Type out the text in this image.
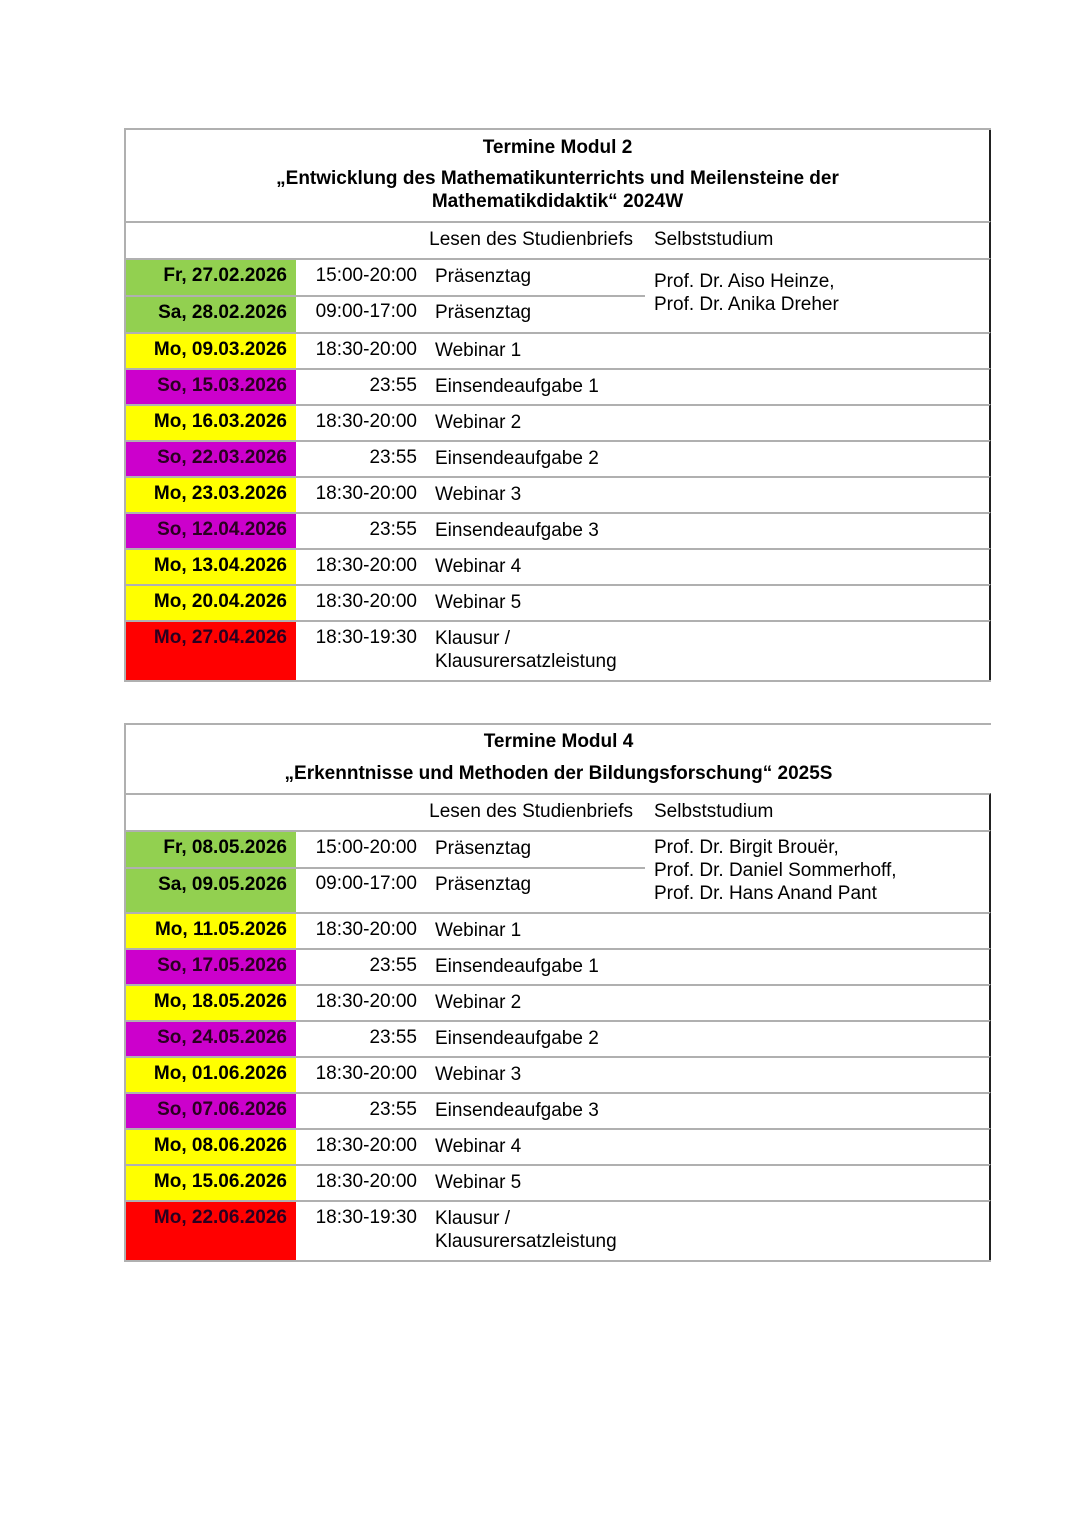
Termine Modul 2
„Entwicklung des Mathematikunterrichts und Meilensteine der
Mathematikdidaktik“ 2024W
Lesen des Studienbriefs Selbststudium
Fr, 27.02.2026	15:00-20:00 Präsenztag
Sa, 28.02.2026	09:00-17:00 Präsenztag
Prof. Dr. Aiso Heinze,
Prof. Dr. Anika Dreher
Mo, 09.03.2026	18:30-20:00 Webinar 1
So, 15.03.2026	23:55 Einsendeaufgabe 1
Mo, 16.03.2026	18:30-20:00 Webinar 2
So, 22.03.2026	23:55 Einsendeaufgabe 2
Mo, 23.03.2026	18:30-20:00 Webinar 3
So, 12.04.2026	23:55 Einsendeaufgabe 3
Mo, 13.04.2026	18:30-20:00 Webinar 4
Mo, 20.04.2026	18:30-20:00 Webinar 5
Mo, 27.04.2026	18:30-19:30 Klausur /
Klausurersatzleistung
Termine Modul 4
„Erkenntnisse und Methoden der Bildungsforschung“ 2025S
Lesen des Studienbriefs Selbststudium
Fr, 08.05.2026	15:00-20:00 Präsenztag
Sa, 09.05.2026	09:00-17:00 Präsenztag
Prof. Dr. Birgit Brouër,
Prof. Dr. Daniel Sommerhoff,
Prof. Dr. Hans Anand Pant
Mo, 11.05.2026	18:30-20:00 Webinar 1
So, 17.05.2026	23:55 Einsendeaufgabe 1
Mo, 18.05.2026	18:30-20:00 Webinar 2
So, 24.05.2026	23:55 Einsendeaufgabe 2
Mo, 01.06.2026	18:30-20:00 Webinar 3
So, 07.06.2026	23:55 Einsendeaufgabe 3
Mo, 08.06.2026	18:30-20:00 Webinar 4
Mo, 15.06.2026	18:30-20:00 Webinar 5
Mo, 22.06.2026	18:30-19:30 Klausur /
Klausurersatzleistung
